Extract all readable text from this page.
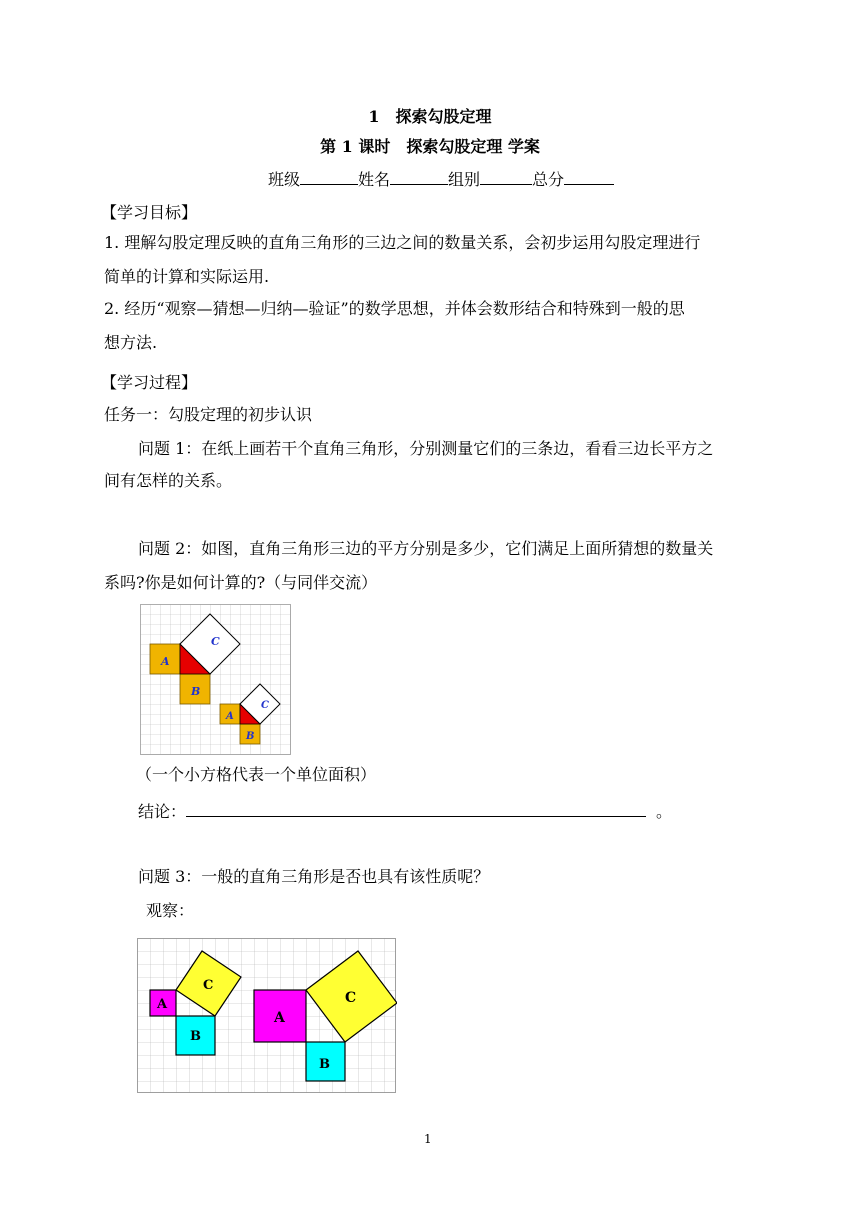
1　探索勾股定理
第 1 课时　探索勾股定理 学案
班级	姓名	组别	总分
【学习目标】
1. 理解勾股定理反映的直角三角形的三边之间的数量关系，会初步运用勾股定理进行
简单的计算和实际运用.
2. 经历“观察—猜想—归纳—验证”的数学思想，并体会数形结合和特殊到一般的思
想方法.
【学习过程】
任务一：勾股定理的初步认识
问题 1：在纸上画若干个直角三角形，分别测量它们的三条边，看看三边长平方之
间有怎样的关系。
问题 2：如图，直角三角形三边的平方分别是多少，它们满足上面所猜想的数量关
系吗?你是如何计算的?（与同伴交流）
A
B
C
A
B
C
（一个小方格代表一个单位面积）
结论：	。
问题 3：一般的直角三角形是否也具有该性质呢？
观察：
A
B
C
A
B
C
1
